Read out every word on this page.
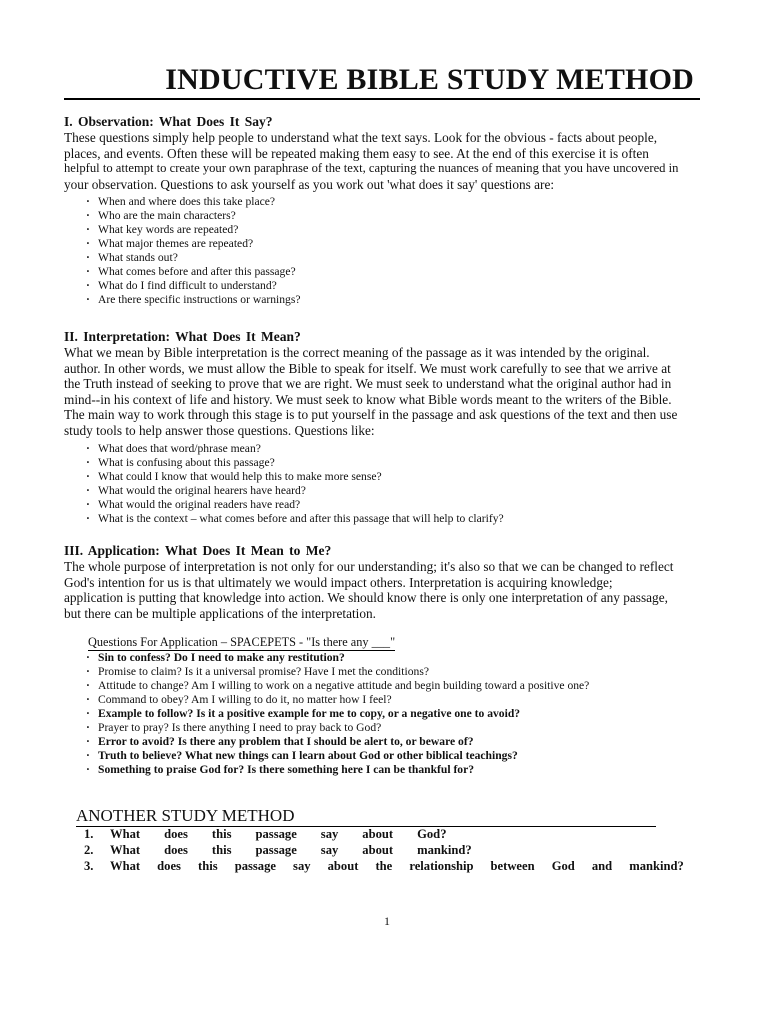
INDUCTIVE BIBLE STUDY METHOD
I. Observation: What Does It Say?

These questions simply help people to understand what the text says. Look for the obvious - facts about people,

places, and events. Often these will be repeated making them easy to see. At the end of this exercise it is often

helpful to attempt to create your own paraphrase of the text, capturing the nuances of meaning that you have uncovered in

your observation. Questions to ask yourself as you work out 'what does it say' questions are:

· When and where does this take place?
· Who are the main characters?
· What key words are repeated?
· What major themes are repeated?
· What stands out?
· What comes before and after this passage?
· What do I find difficult to understand?
· Are there specific instructions or warnings?
II. Interpretation: What Does It Mean?

What we mean by Bible interpretation is the correct meaning of the passage as it was intended by the original.

author. In other words, we must allow the Bible to speak for itself. We must work carefully to see that we arrive at

the Truth instead of seeking to prove that we are right. We must seek to understand what the original author had in

mind--in his context of life and history. We must seek to know what Bible words meant to the writers of the Bible.

The main way to work through this stage is to put yourself in the passage and ask questions of the text and then use

study tools to help answer those questions. Questions like:

· What does that word/phrase mean?
· What is confusing about this passage?
· What could I know that would help this to make more sense?
· What would the original hearers have heard?
· What would the original readers have read?
· What is the context – what comes before and after this passage that will help to clarify?
III. Application: What Does It Mean to Me?

The whole purpose of interpretation is not only for our understanding; it's also so that we can be changed to reflect

God's intention for us is that ultimately we would impact others. Interpretation is acquiring knowledge;

application is putting that knowledge into action. We should know there is only one interpretation of any passage,

but there can be multiple applications of the interpretation.

Questions For Application – SPACEPETS - "Is there any ___"
· Sin to confess? Do I need to make any restitution?
· Promise to claim? Is it a universal promise? Have I met the conditions?
· Attitude to change? Am I willing to work on a negative attitude and begin building toward a positive one?
· Command to obey? Am I willing to do it, no matter how I feel?
· Example to follow? Is it a positive example for me to copy, or a negative one to avoid?
· Prayer to pray? Is there anything I need to pray back to God?
· Error to avoid? Is there any problem that I should be alert to, or beware of?
· Truth to believe? What new things can I learn about God or other biblical teachings?
· Something to praise God for? Is there something here I can be thankful for?
ANOTHER STUDY METHOD
1.	What does this passage say about God?
2.	What does this passage say about mankind?
3.	What does this passage say about the relationship between God and mankind?
1
